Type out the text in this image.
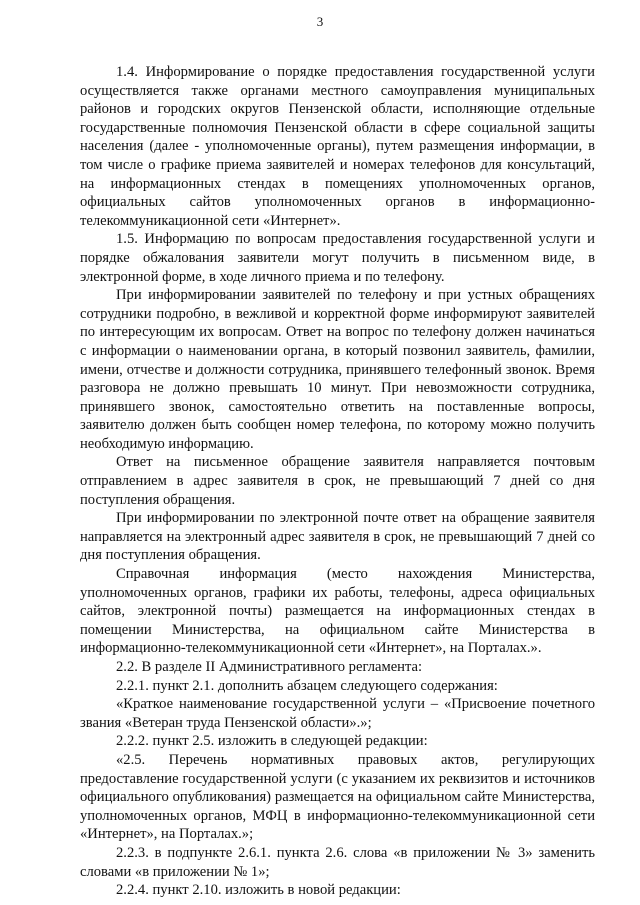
3

1.4. Информирование о порядке предоставления государственной услуги осуществляется также органами местного самоуправления муниципальных районов и городских округов Пензенской области, исполняющие отдельные государственные полномочия Пензенской области в сфере социальной защиты населения (далее - уполномоченные органы), путем размещения информации, в том числе о графике приема заявителей и номерах телефонов для консультаций, на информационных стендах в помещениях уполномоченных органов, официальных сайтов уполномоченных органов в информационно-телекоммуникационной сети «Интернет».

1.5. Информацию по вопросам предоставления государственной услуги и порядке обжалования заявители могут получить в письменном виде, в электронной форме, в ходе личного приема и по телефону.

При информировании заявителей по телефону и при устных обращениях сотрудники подробно, в вежливой и корректной форме информируют заявителей по интересующим их вопросам. Ответ на вопрос по телефону должен начинаться с информации о наименовании органа, в который позвонил заявитель, фамилии, имени, отчестве и должности сотрудника, принявшего телефонный звонок. Время разговора не должно превышать 10 минут. При невозможности сотрудника, принявшего звонок, самостоятельно ответить на поставленные вопросы, заявителю должен быть сообщен номер телефона, по которому можно получить необходимую информацию.

Ответ на письменное обращение заявителя направляется почтовым отправлением в адрес заявителя в срок, не превышающий 7 дней со дня поступления обращения.

При информировании по электронной почте ответ на обращение заявителя направляется на электронный адрес заявителя в срок, не превышающий 7 дней со дня поступления обращения.

Справочная информация (место нахождения Министерства, уполномоченных органов, графики их работы, телефоны, адреса официальных сайтов, электронной почты) размещается на информационных стендах в помещении Министерства, на официальном сайте Министерства в информационно-телекоммуникационной сети «Интернет», на Порталах.».

2.2. В разделе II Административного регламента:

2.2.1. пункт 2.1. дополнить абзацем следующего содержания:

«Краткое наименование государственной услуги – «Присвоение почетного звания «Ветеран труда Пензенской области».»;

2.2.2. пункт 2.5. изложить в следующей редакции:

«2.5. Перечень нормативных правовых актов, регулирующих предоставление государственной услуги (с указанием их реквизитов и источников официального опубликования) размещается на официальном сайте Министерства, уполномоченных органов, МФЦ в информационно-телекоммуникационной сети «Интернет», на Порталах.»;

2.2.3. в подпункте 2.6.1. пункта 2.6. слова «в приложении № 3» заменить словами «в приложении № 1»;

2.2.4. пункт 2.10. изложить в новой редакции:
